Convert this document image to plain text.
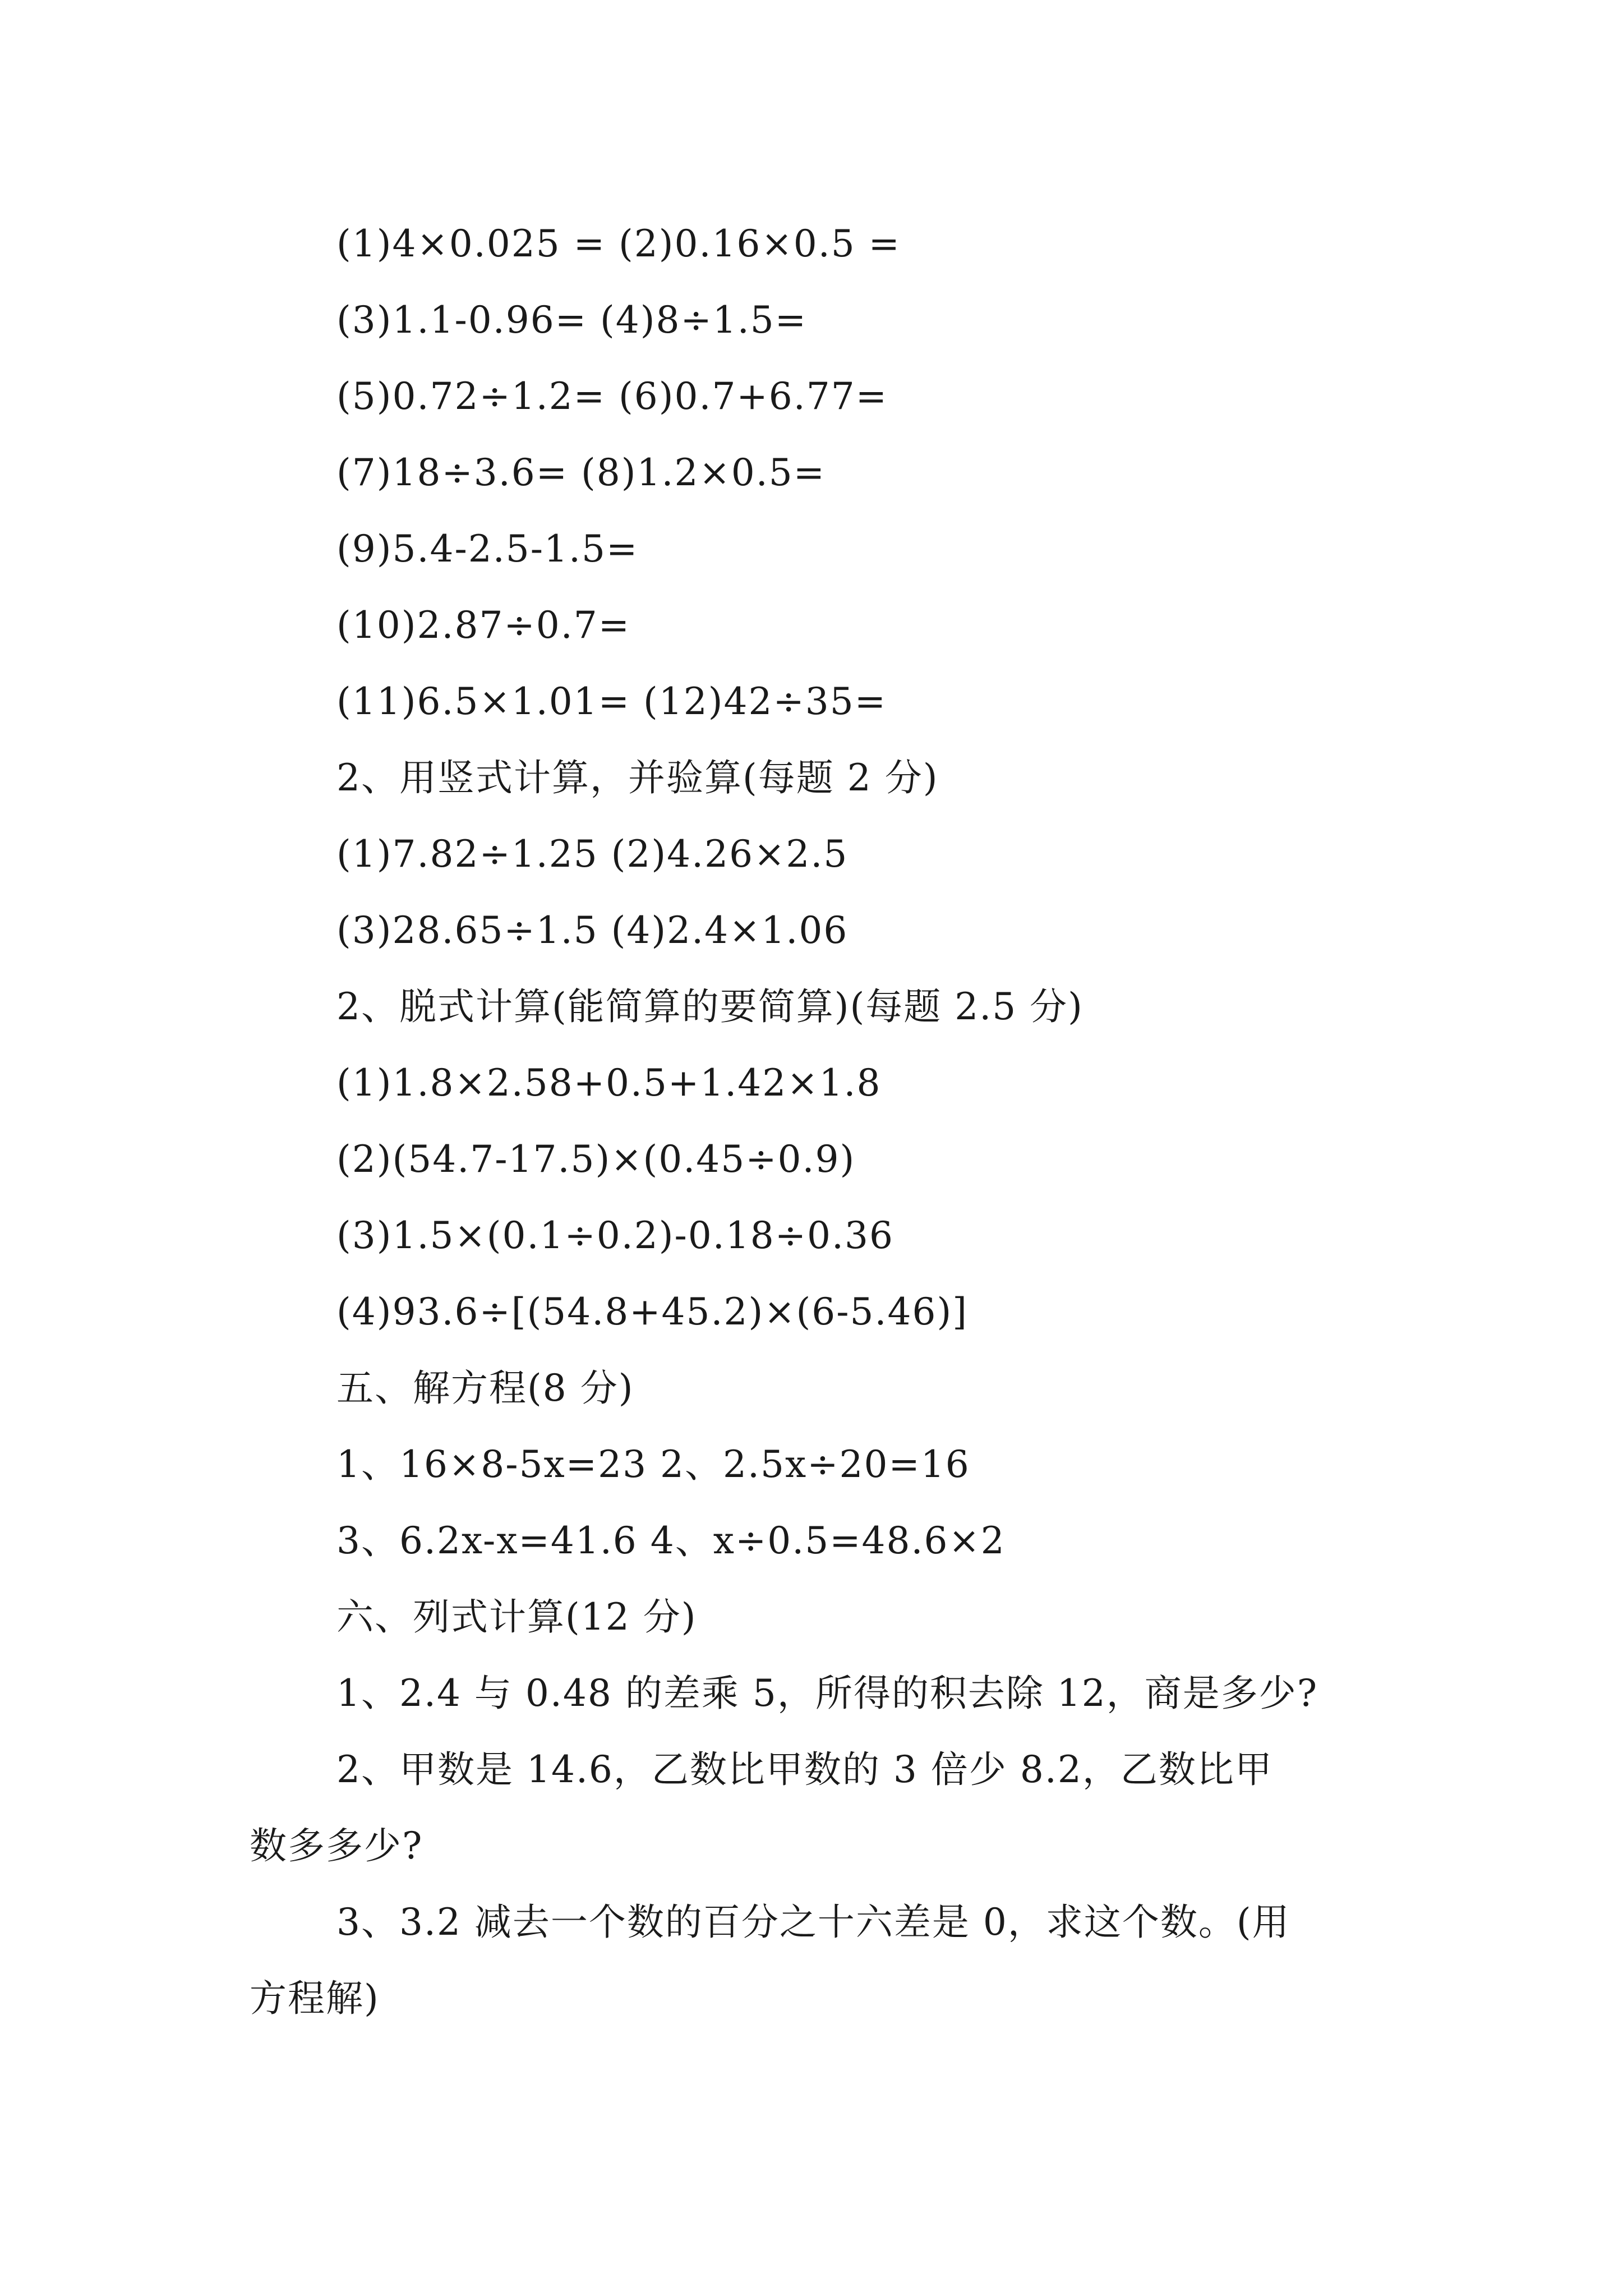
(1)4×0.025 = (2)0.16×0.5 =
(3)1.1-0.96= (4)8÷1.5=
(5)0.72÷1.2= (6)0.7+6.77=
(7)18÷3.6= (8)1.2×0.5=
(9)5.4-2.5-1.5=
(10)2.87÷0.7=
(11)6.5×1.01= (12)42÷35=
2、用竖式计算，并验算(每题 2 分)
(1)7.82÷1.25 (2)4.26×2.5
(3)28.65÷1.5 (4)2.4×1.06
2、脱式计算(能简算的要简算)(每题 2.5 分)
(1)1.8×2.58+0.5+1.42×1.8
(2)(54.7-17.5)×(0.45÷0.9)
(3)1.5×(0.1÷0.2)-0.18÷0.36
(4)93.6÷[(54.8+45.2)×(6-5.46)]
五、解方程(8 分)
1、16×8-5x=23 2、2.5x÷20=16
3、6.2x-x=41.6 4、x÷0.5=48.6×2
六、列式计算(12 分)
1、2.4 与 0.48 的差乘 5，所得的积去除 12，商是多少?
2、甲数是 14.6，乙数比甲数的 3 倍少 8.2，乙数比甲
数多多少?
3、3.2 减去一个数的百分之十六差是 0，求这个数。(用
方程解)
